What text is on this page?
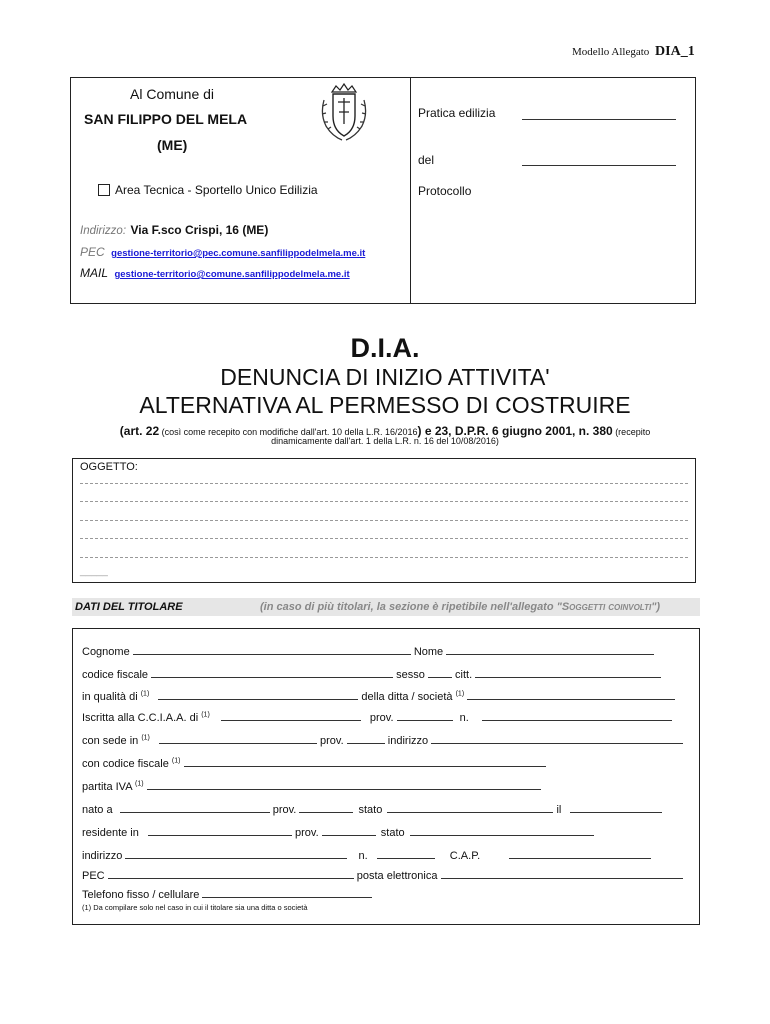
Modello Allegato DIA_1
Al Comune di
SAN FILIPPO DEL MELA
(ME)
Area Tecnica - Sportello Unico Edilizia
Indirizzo: Via F.sco Crispi, 16 (ME)
PEC gestione-territorio@pec.comune.sanfilippodelmela.me.it
MAIL gestione-territorio@comune.sanfilippodelmela.me.it
Pratica edilizia
del
Protocollo
D.I.A.
DENUNCIA DI INIZIO ATTIVITA'
ALTERNATIVA AL PERMESSO DI COSTRUIRE
(art. 22 (così come recepito con modifiche dall'art. 10 della L.R. 16/2016) e 23, D.P.R. 6 giugno 2001, n. 380 (recepito
dinamicamente dall'art. 1 della L.R. n. 16 del 10/08/2016)
OGGETTO:
_____
DATI DEL TITOLARE	(in caso di più titolari, la sezione è ripetibile nell'allegato "Soggetti coinvolti")
Cognome	Nome
codice fiscale	sesso	citt.
in qualità di $^{(1)}$	della ditta / società $^{(1)}$
Iscritta alla C.C.I.A.A. di $^{(1)}$	prov.	n.
con sede in $^{(1)}$	prov.	indirizzo
con codice fiscale $^{(1)}$
partita IVA $^{(1)}$
nato a	prov.	stato	il
residente in	prov.	stato
indirizzo	n.	C.A.P.
PEC	posta elettronica
Telefono fisso / cellulare
(1) Da compilare solo nel caso in cui il titolare sia una ditta o società
